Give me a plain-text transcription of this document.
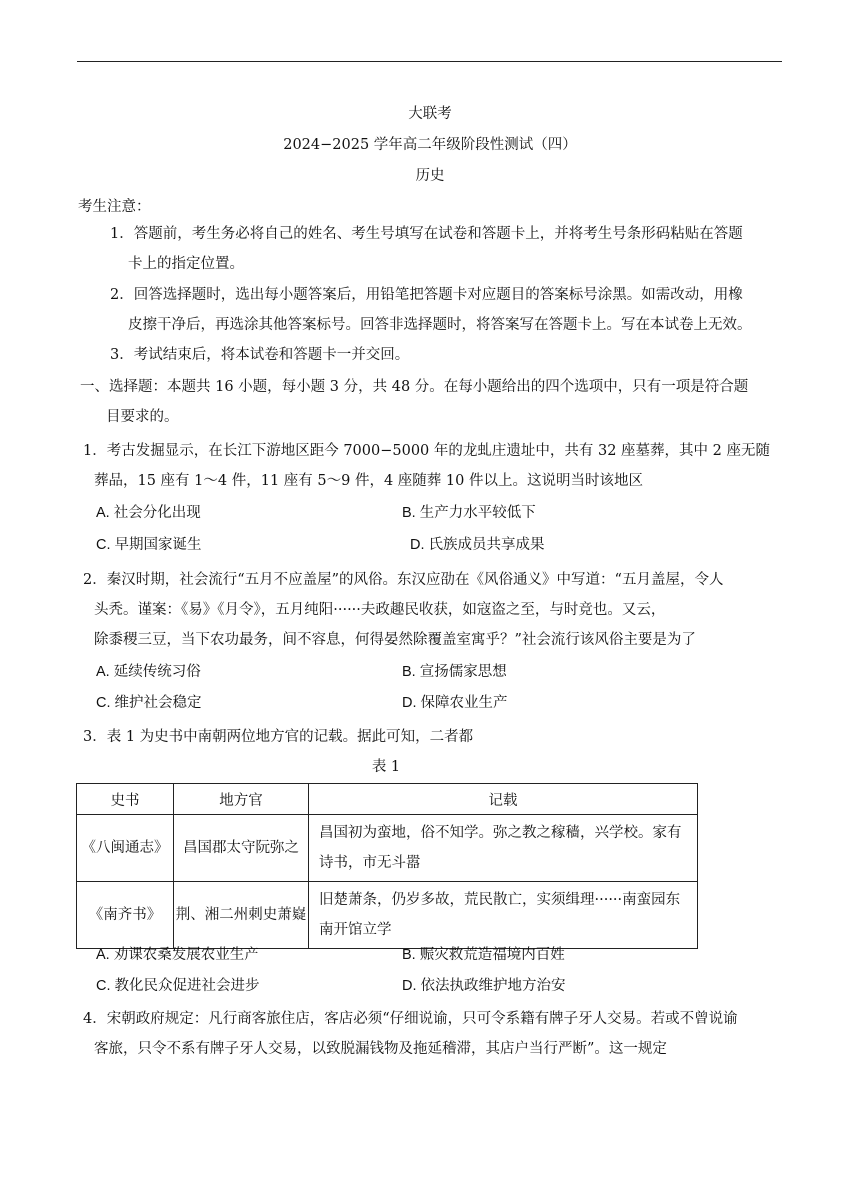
大联考
2024−2025 学年高二年级阶段性测试（四）
历史
考生注意：
1．答题前，考生务必将自己的姓名、考生号填写在试卷和答题卡上，并将考生号条形码粘贴在答题
卡上的指定位置。
2．回答选择题时，选出每小题答案后，用铅笔把答题卡对应题目的答案标号涂黑。如需改动，用橡
皮擦干净后，再选涂其他答案标号。回答非选择题时，将答案写在答题卡上。写在本试卷上无效。
3．考试结束后，将本试卷和答题卡一并交回。
一、选择题：本题共 16 小题，每小题 3 分，共 48 分。在每小题给出的四个选项中，只有一项是符合题
目要求的。
1．考古发掘显示，在长江下游地区距今 7000−5000 年的龙虬庄遗址中，共有 32 座墓葬，其中 2 座无随
葬品，15 座有 1～4 件，11 座有 5～9 件，4 座随葬 10 件以上。这说明当时该地区
A. 社会分化出现	B. 生产力水平较低下
C. 早期国家诞生	D. 氏族成员共享成果
2．秦汉时期，社会流行“五月不应盖屋”的风俗。东汉应劭在《风俗通义》中写道：“五月盖屋，令人
头秃。谨案：《易》《月令》，五月纯阳······夫政趣民收获，如寇盗之至，与时竞也。又云，
除黍稷三豆，当下农功最务，间不容息，何得晏然除覆盖室寓乎？”社会流行该风俗主要是为了
A. 延续传统习俗	B. 宣扬儒家思想
C. 维护社会稳定	D. 保障农业生产
3．表 1 为史书中南朝两位地方官的记载。据此可知，二者都
表 1
史书	地方官	记载
《八闽通志》	昌国郡太守阮弥之	昌国初为蛮地，俗不知学。弥之教之稼穑，兴学校。家有诗书，市无斗嚣
《南齐书》	荆、湘二州刺史萧嶷	旧楚萧条，仍岁多故，荒民散亡，实须缉理······南蛮园东南开馆立学
A. 劝课农桑发展农业生产	B. 赈灾救荒造福境内百姓
C. 教化民众促进社会进步	D. 依法执政维护地方治安
4．宋朝政府规定：凡行商客旅住店，客店必须“仔细说谕，只可令系籍有牌子牙人交易。若或不曾说谕
客旅，只令不系有牌子牙人交易，以致脱漏钱物及拖延稽滞，其店户当行严断”。这一规定
